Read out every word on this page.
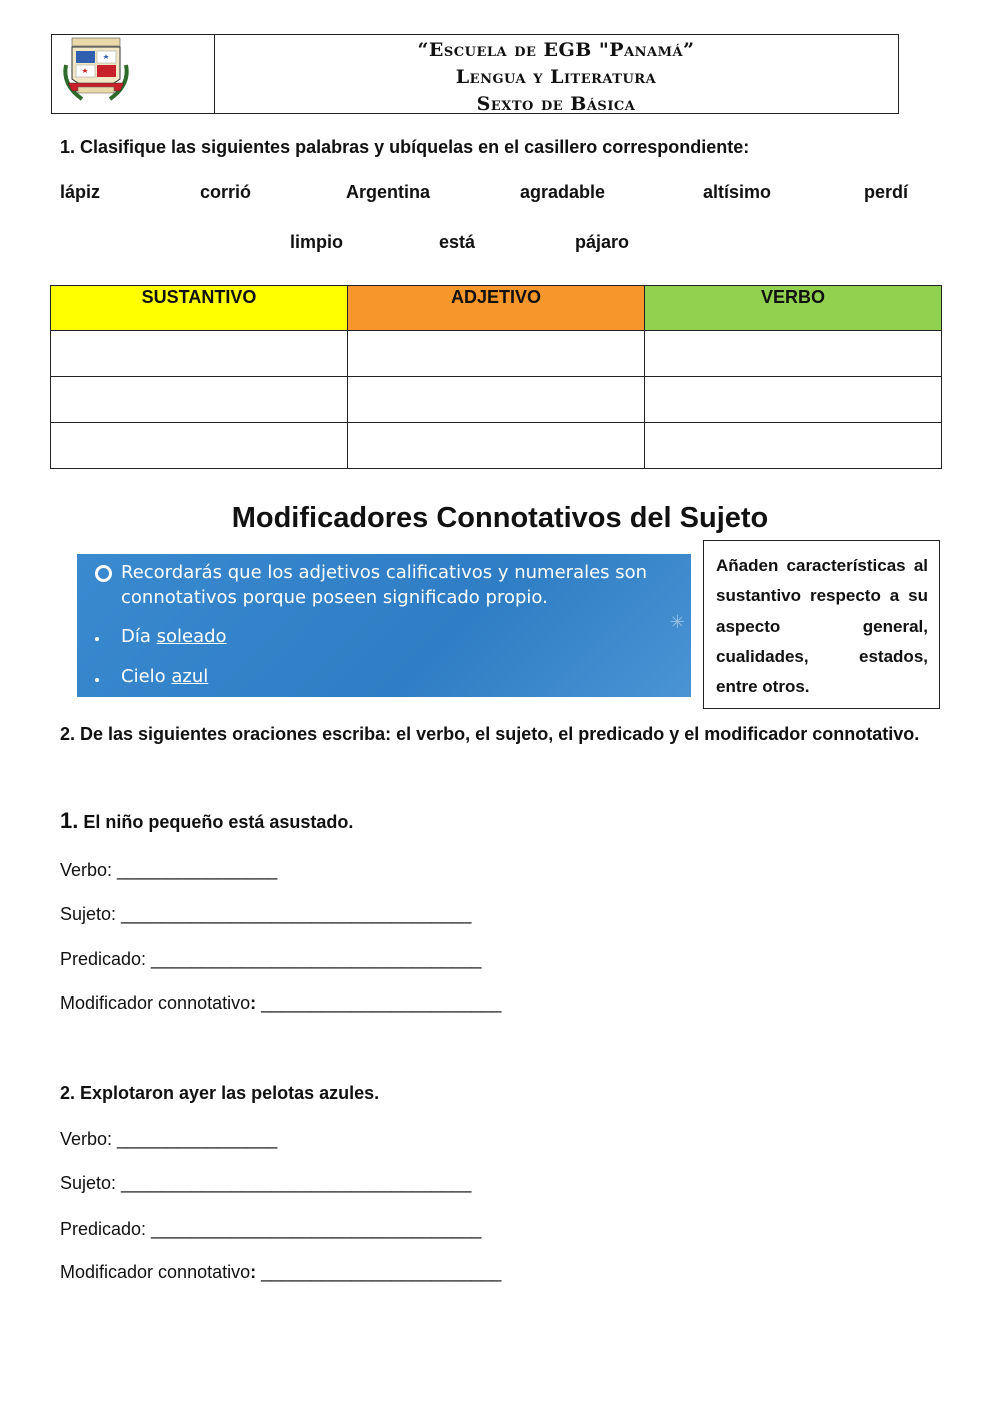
“Escuela de EGB "Panamá”
Lengua y Literatura
Sexto de Básica
1. Clasifique las siguientes palabras y ubíquelas en el casillero correspondiente:
lápiz	corrió	Argentina	agradable	altísimo	perdí
limpio	está	pájaro
SUSTANTIVO	ADJETIVO	VERBO

Modificadores Connotativos del Sujeto
Recordarás que los adjetivos calificativos y numerales son
connotativos porque poseen significado propio.
Día soleado
Cielo azul
✳
Añaden características al sustantivo respecto a su aspecto general, cualidades, estados, entre otros.
2. De las siguientes oraciones escriba: el verbo, el sujeto, el predicado y el modificador connotativo.
1. El niño pequeño está asustado.
Verbo: ________________
Sujeto: ___________________________________
Predicado: _________________________________
Modificador connotativo: ________________________
2. Explotaron ayer las pelotas azules.
Verbo: ________________
Sujeto: ___________________________________
Predicado: _________________________________
Modificador connotativo: ________________________
